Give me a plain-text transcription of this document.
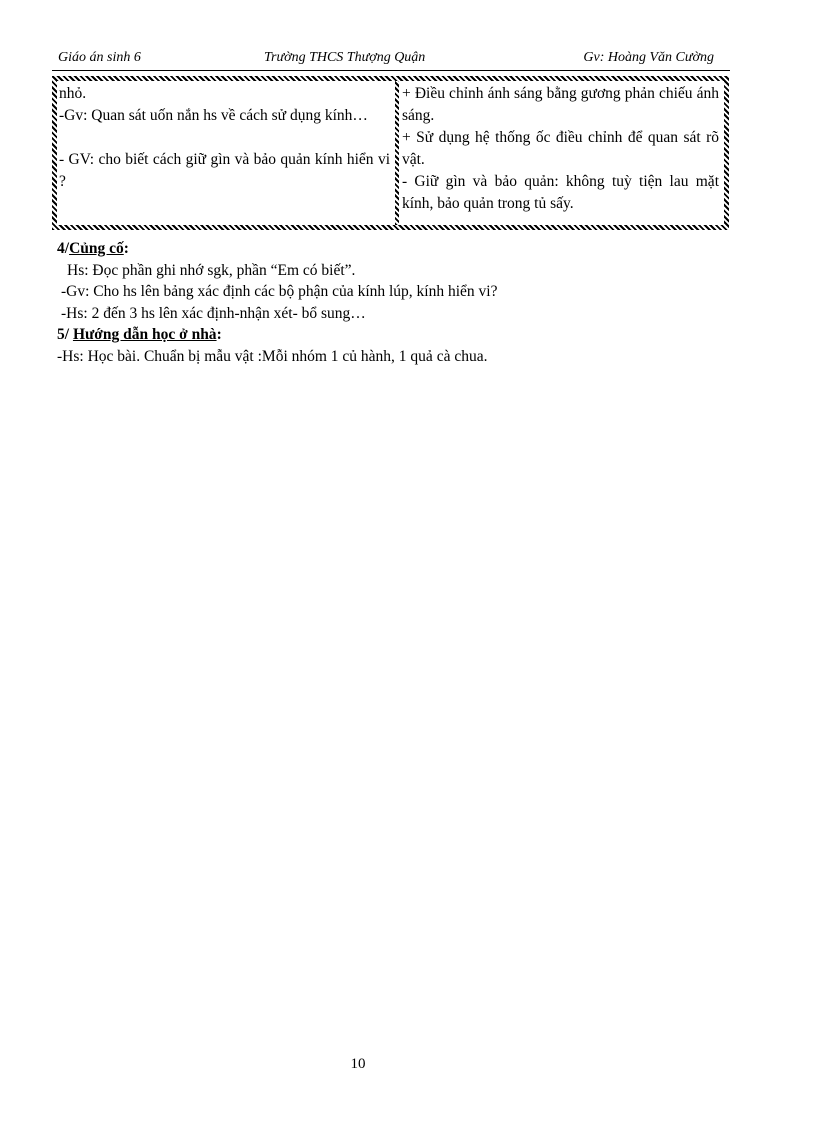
Giáo án sinh 6	Trường THCS Thượng Quận	Gv: Hoàng Văn Cường

nhỏ.

-Gv: Quan sát uốn nắn hs về cách sử dụng kính…

- GV: cho biết cách giữ gìn và bảo quản kính hiển vi ?

+ Điều chỉnh ánh sáng bằng gương phản chiếu ánh sáng.

+ Sử dụng hệ thống ốc điều chỉnh để quan sát rõ vật.

- Giữ gìn và bảo quản: không tuỳ tiện lau mặt kính, bảo quản trong tủ sấy.

4/Củng cố:

Hs: Đọc phần ghi nhớ sgk, phần “Em có biết”.

-Gv: Cho hs lên bảng xác định các bộ phận của kính lúp, kính hiển vi?

-Hs: 2 đến 3 hs lên xác định-nhận xét- bổ sung…

5/ Hướng dẫn học ở nhà:

-Hs: Học bài. Chuẩn bị mẫu vật :Mỗi nhóm 1 củ hành, 1 quả cà chua.

10
